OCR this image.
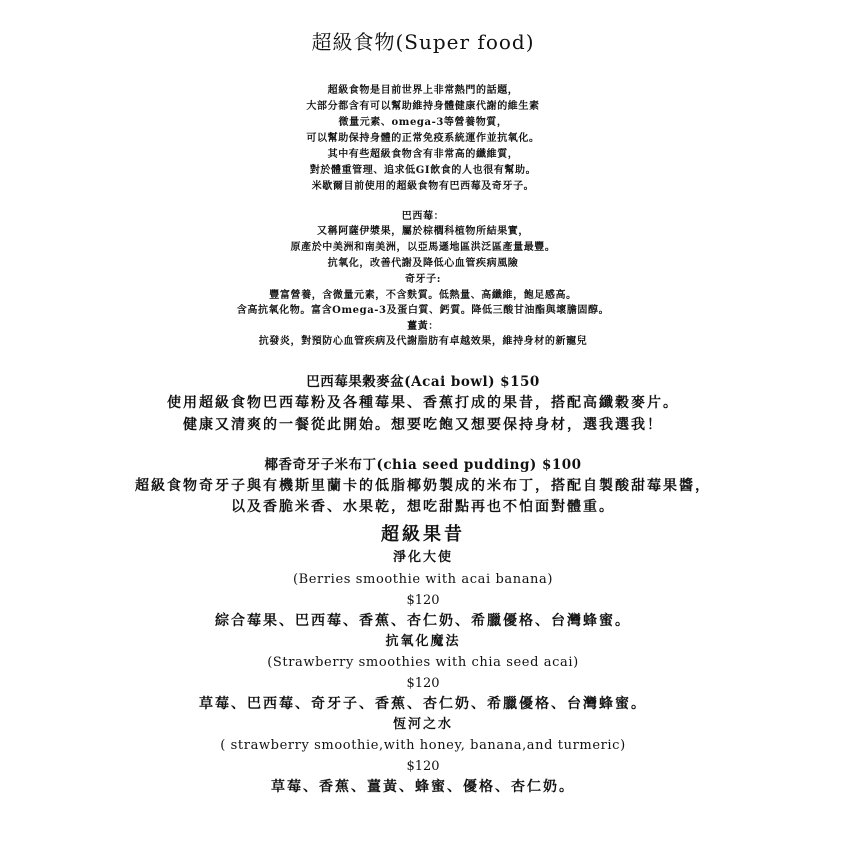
超級食物(Super food)
超級食物是目前世界上非常熱門的話題，
大部分都含有可以幫助維持身體健康代謝的維生素
微量元素、omega-3等營養物質，
可以幫助保持身體的正常免疫系統運作並抗氧化。
其中有些超級食物含有非常高的纖維質，
對於體重管理、追求低GI飲食的人也很有幫助。
米歇爾目前使用的超級食物有巴西莓及奇牙子。
巴西莓：
又稱阿薩伊漿果，屬於棕櫚科植物所結果實，
原產於中美洲和南美洲，以亞馬遜地區洪泛區產量最豐。
抗氧化，改善代謝及降低心血管疾病風險
奇牙子:
豐富營養，含微量元素，不含麩質。低熱量、高纖維，飽足感高。
含高抗氧化物。富含Omega-3及蛋白質、鈣質。降低三酸甘油酯與壞膽固醇。
薑黃：
抗發炎，對預防心血管疾病及代謝脂肪有卓越效果，維持身材的新寵兒
巴西莓果穀麥盆(Acai bowl) $150
使用超級食物巴西莓粉及各種莓果、香蕉打成的果昔，搭配高纖穀麥片。
健康又清爽的一餐從此開始。想要吃飽又想要保持身材，選我選我！
椰香奇牙子米布丁(chia seed pudding) $100
超級食物奇牙子與有機斯里蘭卡的低脂椰奶製成的米布丁，搭配自製酸甜莓果醬，
以及香脆米香、水果乾，想吃甜點再也不怕面對體重。
超級果昔
淨化大使
(Berries smoothie with acai banana)
$120
綜合莓果、巴西莓、香蕉、杏仁奶、希臘優格、台灣蜂蜜。
抗氧化魔法
(Strawberry smoothies with chia seed acai)
$120
草莓、巴西莓、奇牙子、香蕉、杏仁奶、希臘優格、台灣蜂蜜。
恆河之水
( strawberry smoothie,with honey, banana,and turmeric)
$120
草莓、香蕉、薑黃、蜂蜜、優格、杏仁奶。
